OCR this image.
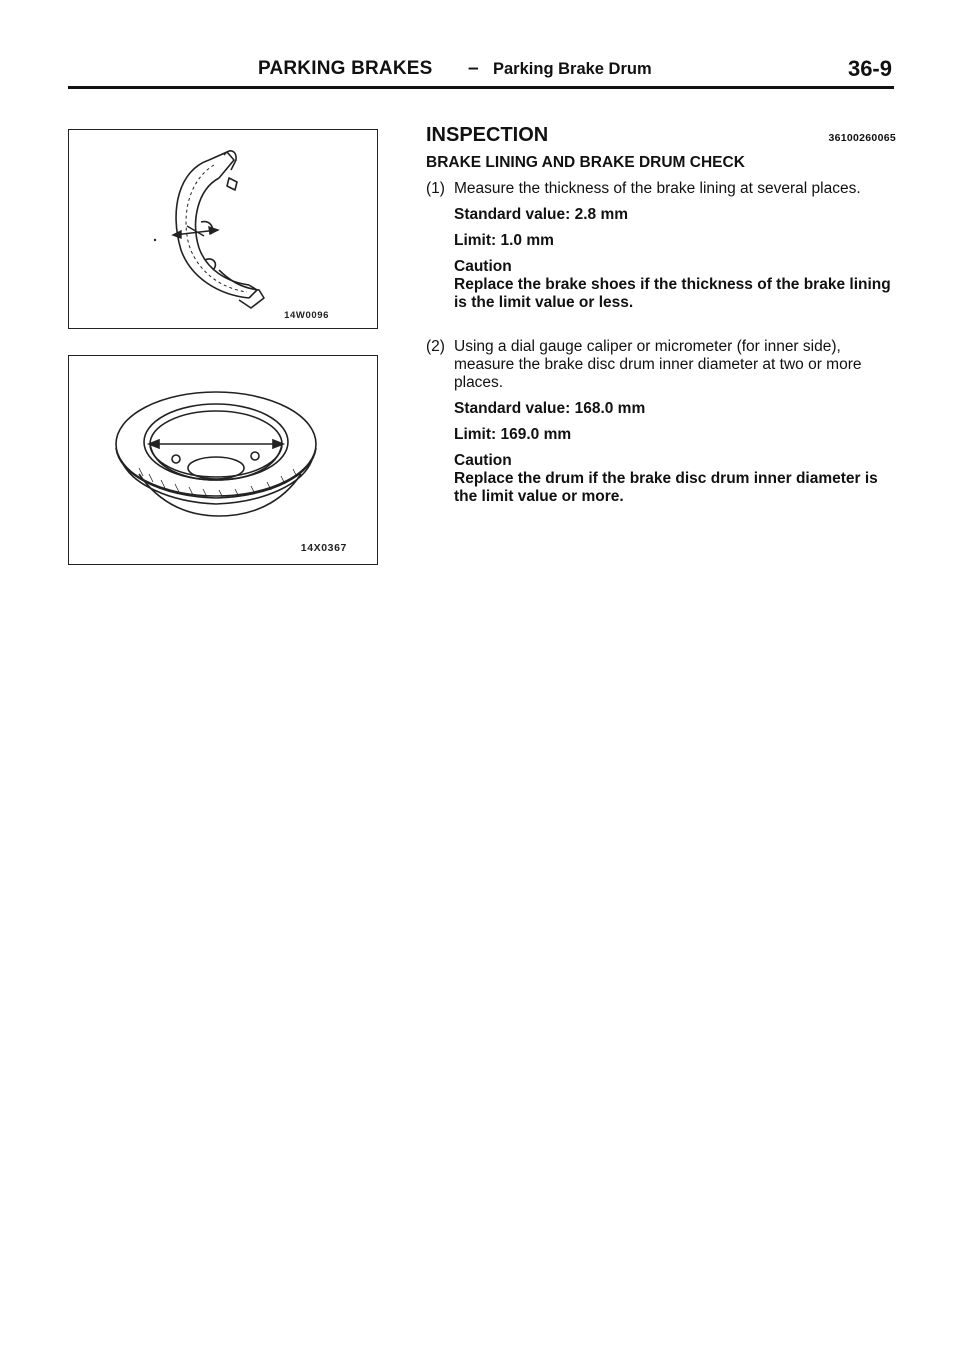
PARKING BRAKES – Parking Brake Drum	36-9
14W0096
14X0367
INSPECTION	36100260065
BRAKE LINING AND BRAKE DRUM CHECK
(1) Measure the thickness of the brake lining at several places.
Standard value: 2.8 mm
Limit: 1.0 mm
Caution
Replace the brake shoes if the thickness of the brake lining is the limit value or less.
(2) Using a dial gauge caliper or micrometer (for inner side), measure the brake disc drum inner diameter at two or more places.
Standard value: 168.0 mm
Limit: 169.0 mm
Caution
Replace the drum if the brake disc drum inner diameter is the limit value or more.
